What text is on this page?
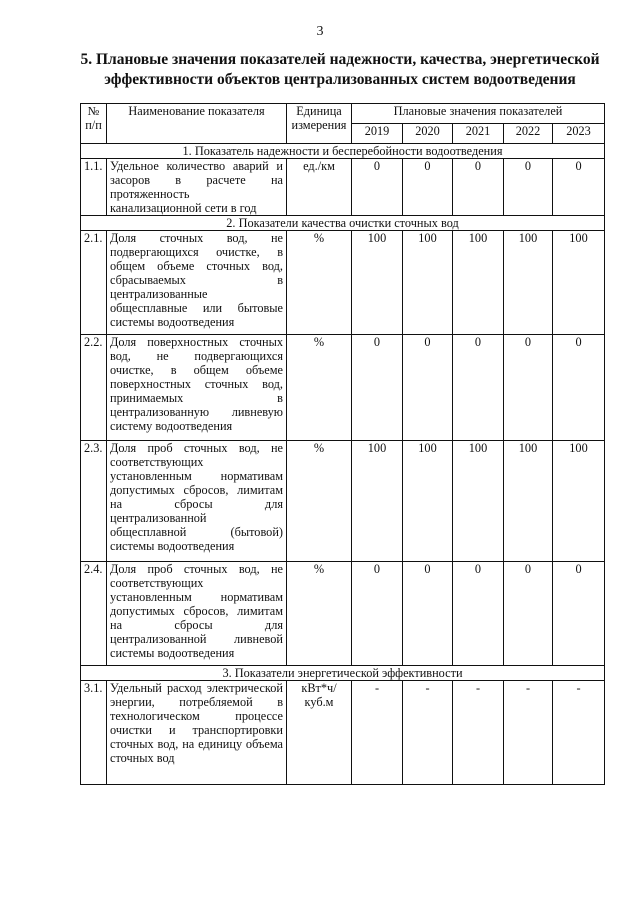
3
5. Плановые значения показателей надежности, качества, энергетической
эффективности объектов централизованных систем водоотведения
№ п/п	Наименование показателя	Единица измерения	Плановые значения показателей				
			2019	2020	2021	2022	2023
1. Показатель надежности и бесперебойности водоотведения							
1.1.	Удельное количество аварий и засоров в расчете на протяженность канализационной сети в год	ед./км	0	0	0	0	0
2. Показатели качества очистки сточных вод							
2.1.	Доля сточных вод, не подвергающихся очистке, в общем объеме сточных вод, сбрасываемых в централизованные общесплавные или бытовые системы водоотведения	%	100	100	100	100	100
2.2.	Доля поверхностных сточных вод, не подвергающихся очистке, в общем объеме поверхностных сточных вод, принимаемых в централизованную ливневую систему водоотведения	%	0	0	0	0	0
2.3.	Доля проб сточных вод, не соответствующих установленным нормативам допустимых сбросов, лимитам на сбросы для централизованной общесплавной (бытовой) системы водоотведения	%	100	100	100	100	100
2.4.	Доля проб сточных вод, не соответствующих установленным нормативам допустимых сбросов, лимитам на сбросы для централизованной ливневой системы водоотведения	%	0	0	0	0	0
3. Показатели энергетической эффективности							
3.1.	Удельный расход электрической энергии, потребляемой в технологическом процессе очистки и транспортировки сточных вод, на единицу объема сточных вод	кВт*ч/ куб.м	-	-	-	-	-
